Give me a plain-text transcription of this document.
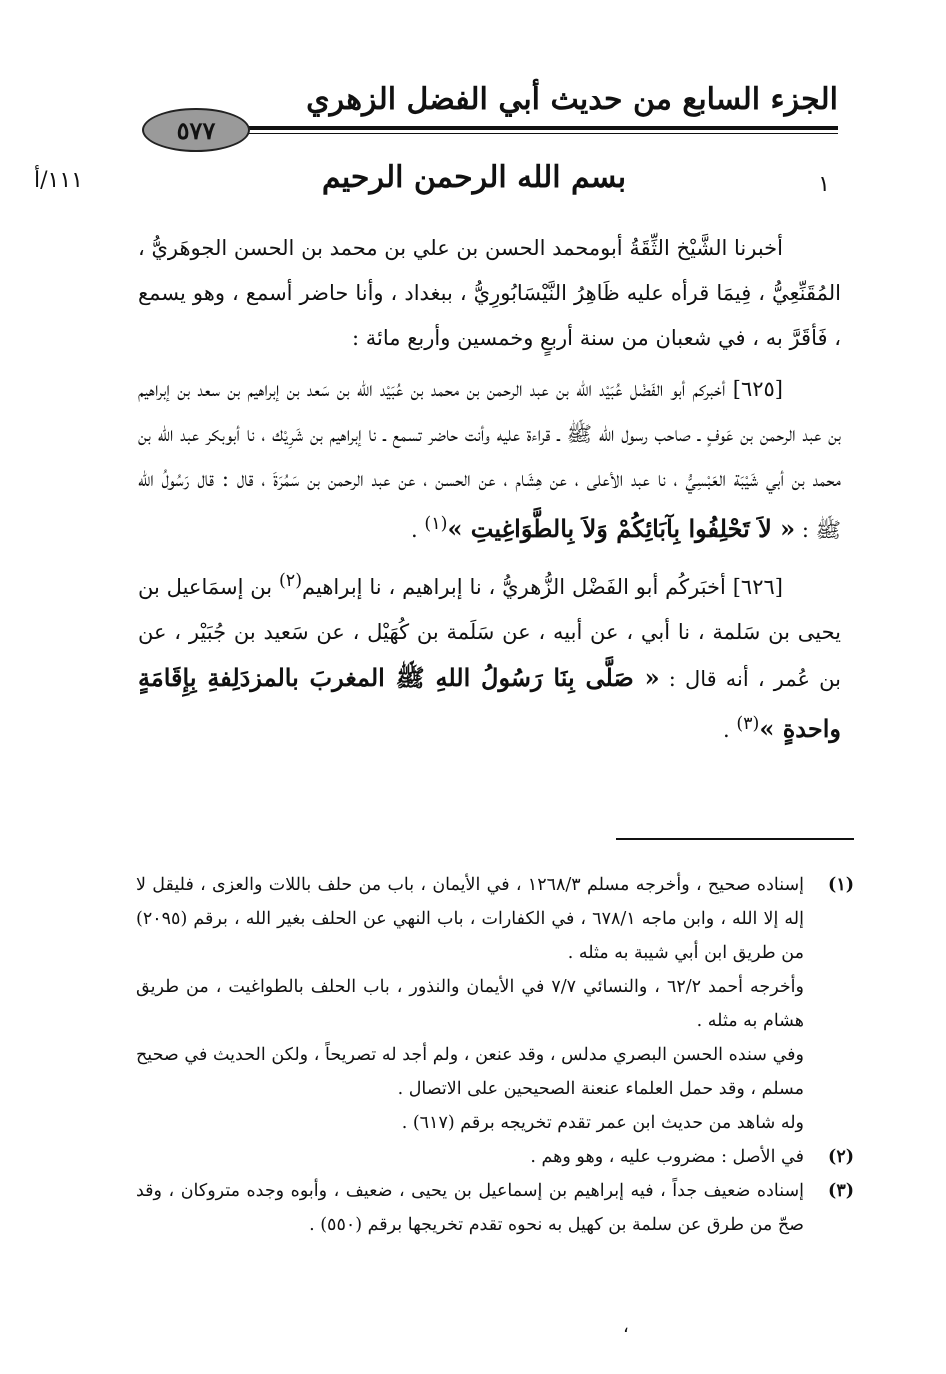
الجزء السابع من حديث أبي الفضل الزهري
٥٧٧
١١١/أ	١
بسم الله الرحمن الرحيم

أخبرنا الشَّيْخ الثِّقَةُ أبومحمد الحسن بن علي بن محمد بن الحسن الجوهَريُّ ، المُقَنِّعِيُّ ، فِيمَا قرأه عليه ظَاهِرُ النَّيْسَابُورِيُّ ، ببغداد ، وأنا حاضر أسمع ، وهو يسمع ، فَأقَرَّ به ، في شعبان من سنة أربعٍ وخمسين وأربع مائة :

[٦٢٥] أخبركم أبو الفَضْل عُبَيْد الله بن عبد الرحمن بن محمد بن عُبَيْد الله بن سَعد بن إبراهيم بن سعد بن إبراهيم بن عبد الرحمن بن عَوفٍ ـ صاحب رسول الله ﷺ ـ قراءة عليه وأنت حاضر تسمع ـ نا إبراهيم بن شَرِيْك ، نا أبوبكر عبد الله بن محمد بن أبي شَيْبَة العَبْسِيُّ ، نا عبد الأعلى ، عن هِشَام ، عن الحسن ، عن عبد الرحمن بن سَمُرَةَ ، قال : قال رَسُولُ الله ﷺ : « لاَ تَحْلِفُوا بِآبَائِكُمْ وَلاَ بِالطَّوَاغِيتِ »$^{(١)}$ .

[٦٢٦] أخبَركُم أبو الفَضْل الزُّهريُّ ، نا إبراهيم ، نا إبراهيم$^{(٢)}$ بن إسمَاعيل بن يحيى بن سَلمة ، نا أبي ، عن أبيه ، عن سَلَمة بن كُهَيْل ، عن سَعيد بن جُبَيْر ، عن بن عُمر ، أنه قال : « صَلَّى بِنَا رَسُولُ اللهِ ﷺ المغربَ بالمزدَلِفةِ بِإِقَامَةٍ واحدةٍ »$^{(٣)}$ .

(١)
إسناده صحيح ، وأخرجه مسلم ١٢٦٨/٣ ، في الأيمان ، باب من حلف باللات والعزى ، فليقل لا إله إلا الله ، وابن ماجه ٦٧٨/١ ، في الكفارات ، باب النهي عن الحلف بغير الله ، برقم (٢٠٩٥) من طريق ابن أبي شيبة به مثله .
وأخرجه أحمد ٦٢/٢ ، والنسائي ٧/٧ في الأيمان والنذور ، باب الحلف بالطواغيت ، من طريق هشام به مثله .
وفي سنده الحسن البصري مدلس ، وقد عنعن ، ولم أجد له تصريحاً ، ولكن الحديث في صحيح مسلم ، وقد حمل العلماء عنعنة الصحيحين على الاتصال .
وله شاهد من حديث ابن عمر تقدم تخريجه برقم (٦١٧) .
(٢)
في الأصل : مضروب عليه ، وهو وهم .
(٣)
إسناده ضعيف جداً ، فيه إبراهيم بن إسماعيل بن يحيى ، ضعيف ، وأبوه وجده متروكان ، وقد صحّ من طرق عن سلمة بن كهيل به نحوه تقدم تخريجها برقم (٥٥٠) .
،
